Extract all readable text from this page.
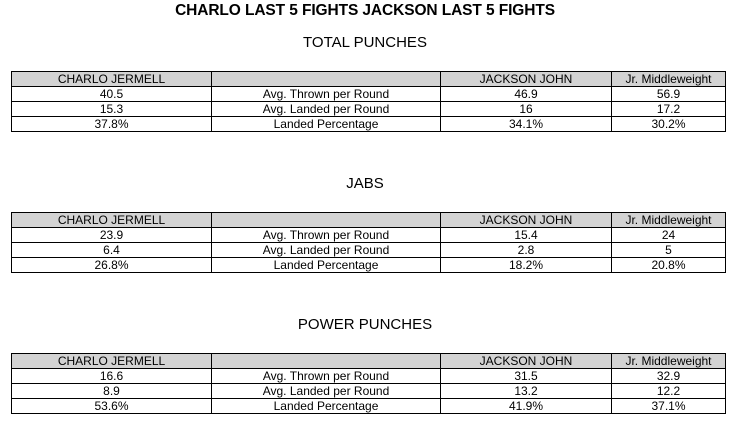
CHARLO LAST 5 FIGHTS JACKSON LAST 5 FIGHTS
TOTAL PUNCHES
CHARLO JERMELL		JACKSON JOHN	Jr. Middleweight
40.5	Avg. Thrown per Round	46.9	56.9
15.3	Avg. Landed per Round	16	17.2
37.8%	Landed Percentage	34.1%	30.2%
JABS
CHARLO JERMELL		JACKSON JOHN	Jr. Middleweight
23.9	Avg. Thrown per Round	15.4	24
6.4	Avg. Landed per Round	2.8	5
26.8%	Landed Percentage	18.2%	20.8%
POWER PUNCHES
CHARLO JERMELL		JACKSON JOHN	Jr. Middleweight
16.6	Avg. Thrown per Round	31.5	32.9
8.9	Avg. Landed per Round	13.2	12.2
53.6%	Landed Percentage	41.9%	37.1%
